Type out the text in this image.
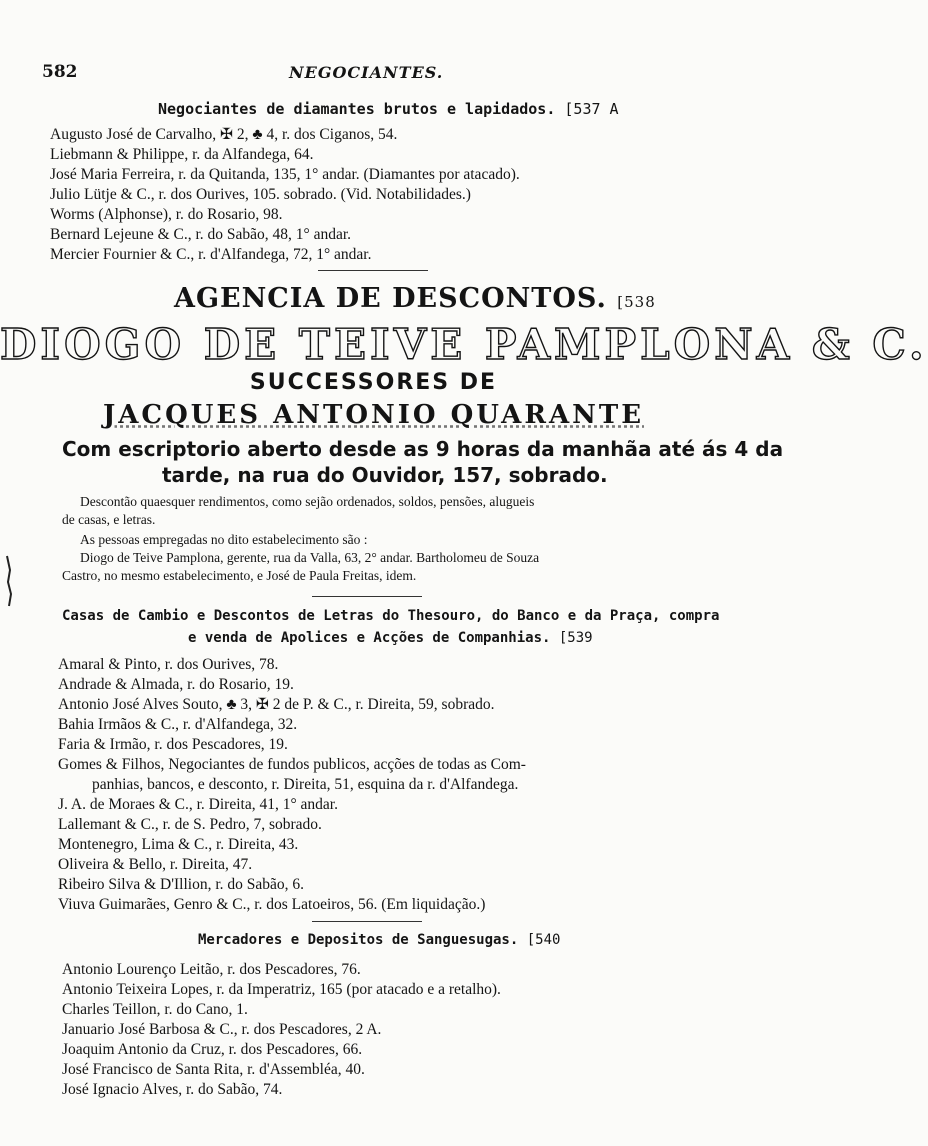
582	NEGOCIANTES.
Negociantes de diamantes brutos e lapidados. [537 A
Augusto José de Carvalho, ✠ 2, ♣ 4, r. dos Ciganos, 54.
Liebmann & Philippe, r. da Alfandega, 64.
José Maria Ferreira, r. da Quitanda, 135, 1° andar. (Diamantes por atacado).
Julio Lütje & C., r. dos Ourives, 105. sobrado. (Vid. Notabilidades.)
Worms (Alphonse), r. do Rosario, 98.
Bernard Lejeune & C., r. do Sabão, 48, 1° andar.
Mercier Fournier & C., r. d'Alfandega, 72, 1° andar.
AGENCIA DE DESCONTOS. [538
DIOGO DE TEIVE PAMPLONA & C.
SUCCESSORES DE
JACQUES ANTONIO QUARANTE
Com escriptorio aberto desde as 9 horas da manhãa até ás 4 da
tarde, na rua do Ouvidor, 157, sobrado.
Descontão quaesquer rendimentos, como sejão ordenados, soldos, pensões, alugueis
de casas, e letras.
As pessoas empregadas no dito estabelecimento são :
Diogo de Teive Pamplona, gerente, rua da Valla, 63, 2° andar. Bartholomeu de Souza
Castro, no mesmo estabelecimento, e José de Paula Freitas, idem.
Casas de Cambio e Descontos de Letras do Thesouro, do Banco e da Praça, compra
e venda de Apolices e Acções de Companhias. [539
Amaral & Pinto, r. dos Ourives, 78.
Andrade & Almada, r. do Rosario, 19.
Antonio José Alves Souto, ♣ 3, ✠ 2 de P. & C., r. Direita, 59, sobrado.
Bahia Irmãos & C., r. d'Alfandega, 32.
Faria & Irmão, r. dos Pescadores, 19.
Gomes & Filhos, Negociantes de fundos publicos, acções de todas as Com-
panhias, bancos, e desconto, r. Direita, 51, esquina da r. d'Alfandega.
J. A. de Moraes & C., r. Direita, 41, 1° andar.
Lallemant & C., r. de S. Pedro, 7, sobrado.
Montenegro, Lima & C., r. Direita, 43.
Oliveira & Bello, r. Direita, 47.
Ribeiro Silva & D'Illion, r. do Sabão, 6.
Viuva Guimarães, Genro & C., r. dos Latoeiros, 56. (Em liquidação.)
Mercadores e Depositos de Sanguesugas. [540
Antonio Lourenço Leitão, r. dos Pescadores, 76.
Antonio Teixeira Lopes, r. da Imperatriz, 165 (por atacado e a retalho).
Charles Teillon, r. do Cano, 1.
Januario José Barbosa & C., r. dos Pescadores, 2 A.
Joaquim Antonio da Cruz, r. dos Pescadores, 66.
José Francisco de Santa Rita, r. d'Assembléa, 40.
José Ignacio Alves, r. do Sabão, 74.
